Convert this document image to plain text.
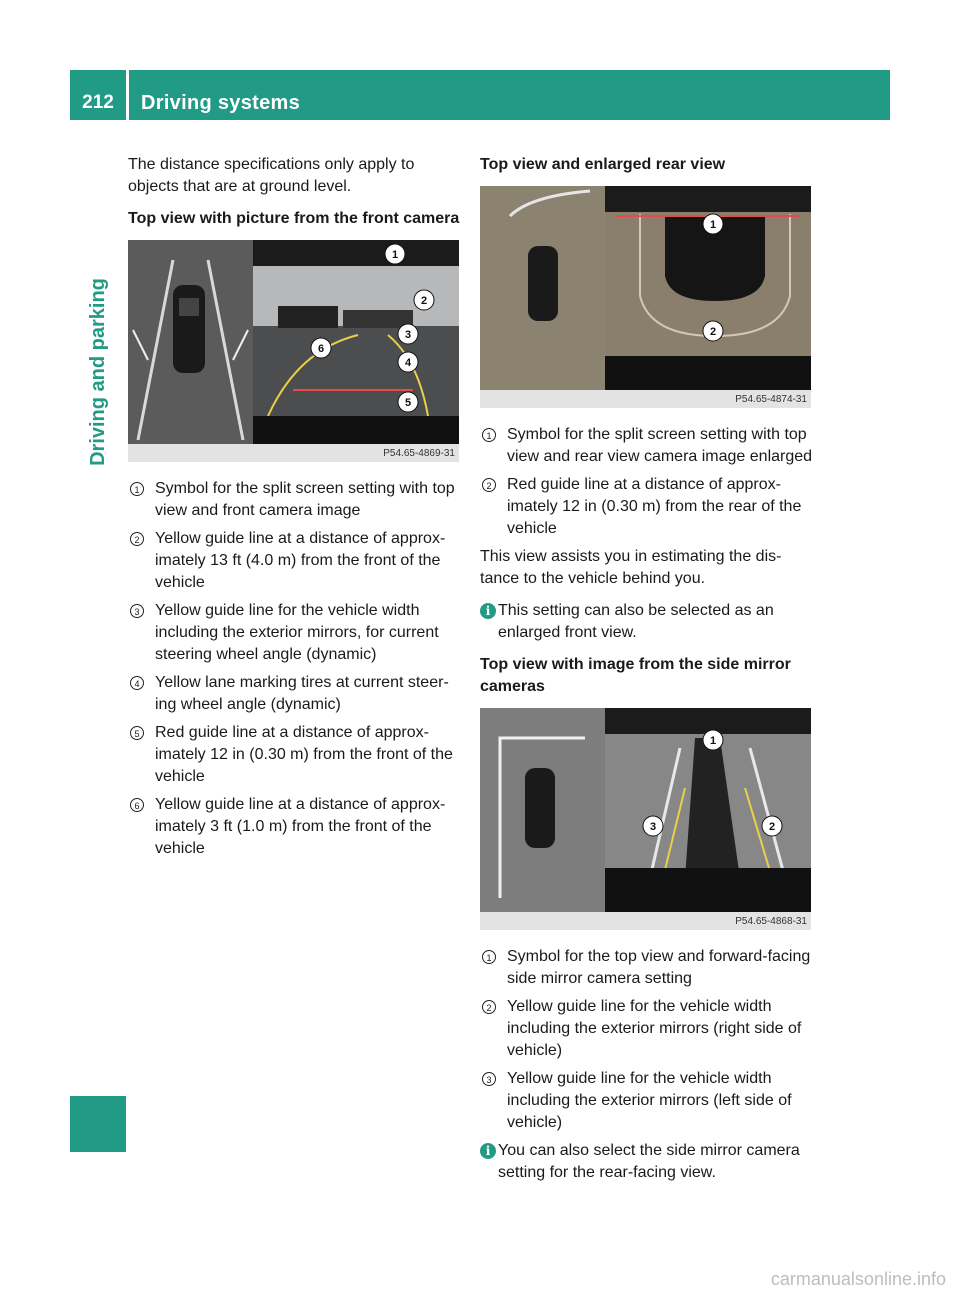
212	Driving systems
Driving and parking

The distance specifications only apply to objects that are at ground level.

Top view with picture from the front camera

1
2
3
4
5
6
P54.65-4869-31
1 Symbol for the split screen setting with top view and front camera image
2 Yellow guide line at a distance of approximately 13 ft (4.0 m) from the front of the vehicle
3 Yellow guide line for the vehicle width including the exterior mirrors, for current steering wheel angle (dynamic)
4 Yellow lane marking tires at current steering wheel angle (dynamic)
5 Red guide line at a distance of approximately 12 in (0.30 m) from the front of the vehicle
6 Yellow guide line at a distance of approximately 3 ft (1.0 m) from the front of the vehicle

Top view and enlarged rear view

1
2
P54.65-4874-31
1 Symbol for the split screen setting with top view and rear view camera image enlarged
2 Red guide line at a distance of approximately 12 in (0.30 m) from the rear of the vehicle

This view assists you in estimating the distance to the vehicle behind you.

i This setting can also be selected as an enlarged front view.

Top view with image from the side mirror cameras

1
2
3
P54.65-4868-31
1 Symbol for the top view and forward-facing side mirror camera setting
2 Yellow guide line for the vehicle width including the exterior mirrors (right side of vehicle)
3 Yellow guide line for the vehicle width including the exterior mirrors (left side of vehicle)
i You can also select the side mirror camera setting for the rear-facing view.
carmanualsonline.info
